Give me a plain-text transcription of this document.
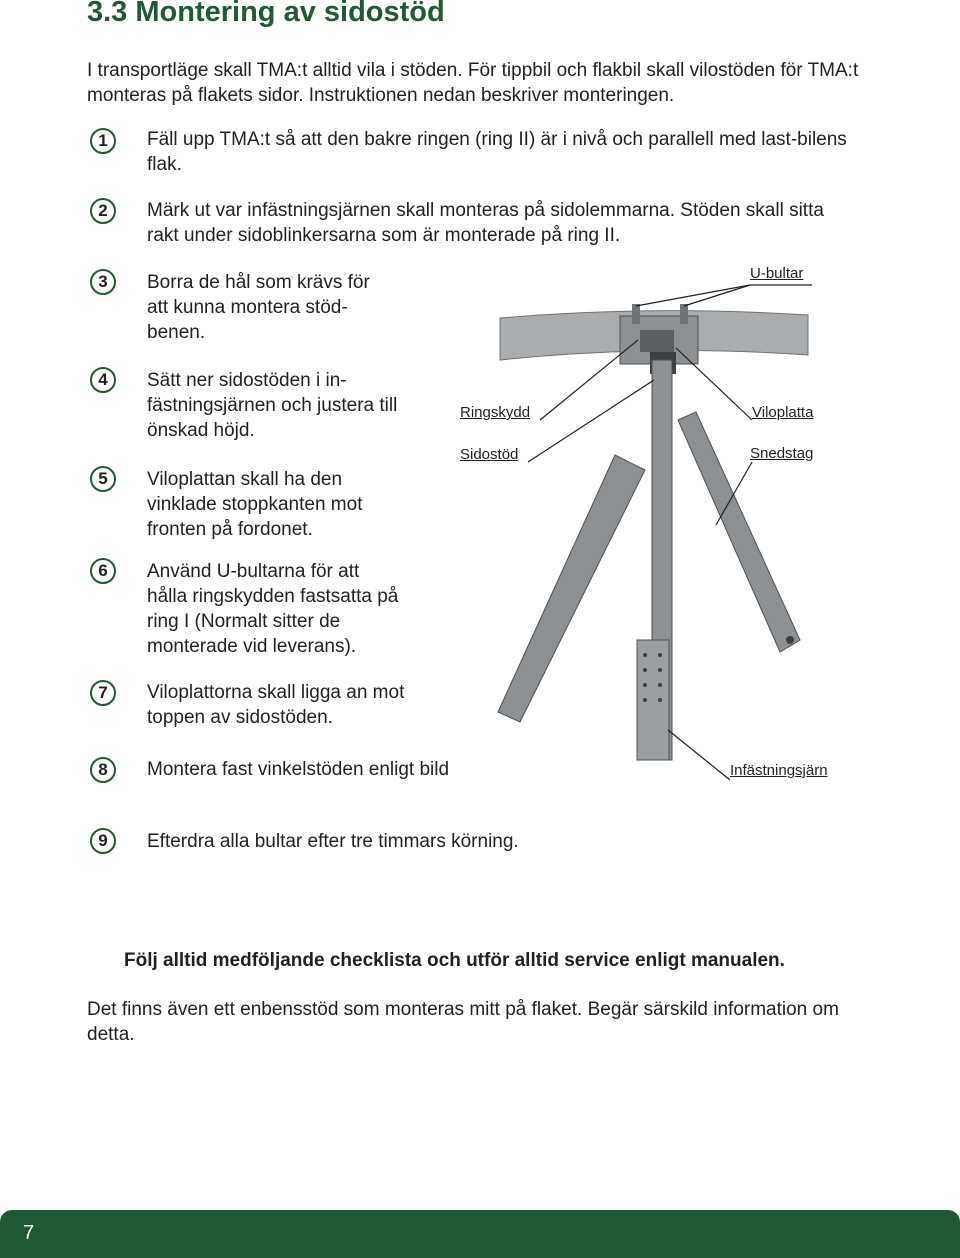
3.3 Montering av sidostöd
I transportläge skall TMA:t alltid vila i stöden. För tippbil och flakbil skall vilostöden för TMA:t monteras på flakets sidor. Instruktionen nedan beskriver monteringen.
1	Fäll upp TMA:t så att den bakre ringen (ring II) är i nivå och parallell med last-bilens flak.
2	Märk ut var infästningsjärnen skall monteras på sidolemmarna. Stöden skall sitta rakt under sidoblinkersarna som är monterade på ring II.
3	Borra de hål som krävs för att kunna montera stöd-benen.
4	Sätt ner sidostöden i in-fästningsjärnen och justera till önskad höjd.
5	Viloplattan skall ha den vinklade stoppkanten mot fronten på fordonet.
6	Använd U-bultarna för att hålla ringskydden fastsatta på ring I (Normalt sitter de monterade vid leverans).
7	Viloplattorna skall ligga an mot toppen av sidostöden.
8	Montera fast vinkelstöden enligt bild
9	Efterdra alla bultar efter tre timmars körning.
U-bultar
Ringskydd
Sidostöd
Viloplatta
Snedstag
Infästningsjärn
Följ alltid medföljande checklista och utför alltid service enligt manualen.
Det finns även ett enbensstöd som monteras mitt på flaket. Begär särskild information om detta.
7
